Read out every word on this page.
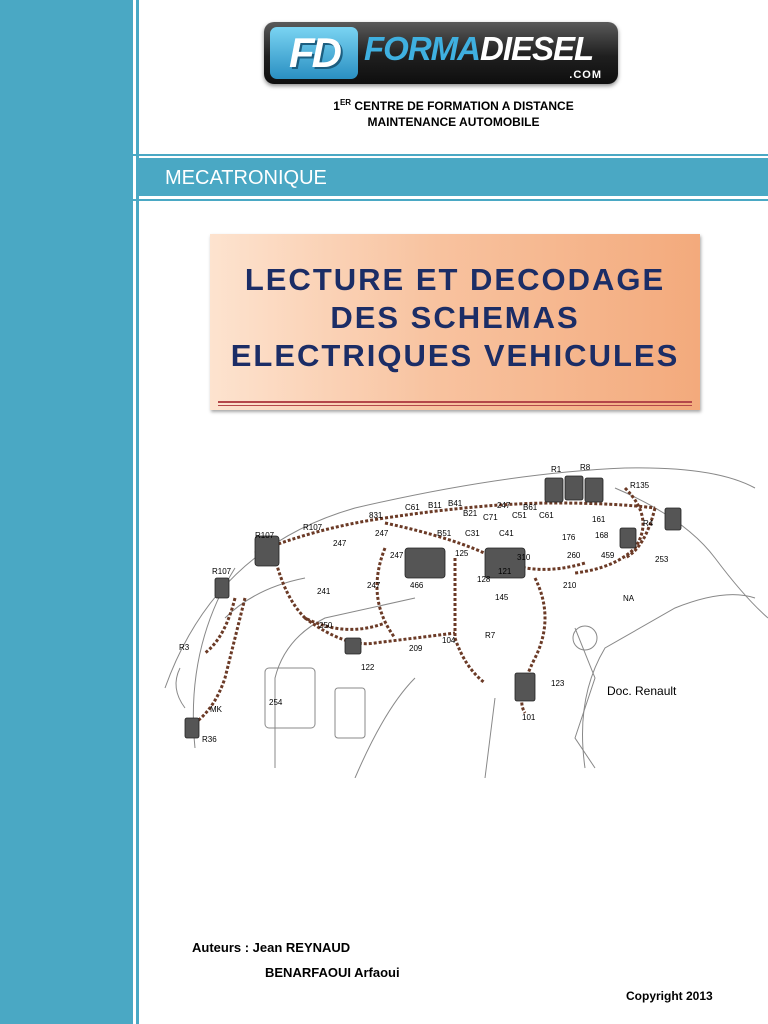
FD FORMADIESEL
.COM
1ER CENTRE DE FORMATION A DISTANCE
MAINTENANCE AUTOMOBILE
MECATRONIQUE
LECTURE ET DECODAGE
DES SCHEMAS
ELECTRIQUES VEHICULES
R1 R8
R135
C61 B11 B41	247 B61
C51 C61
831
R107
R107
C71
B21
B51 C31 C41
R4
161
168
176
260	459	253
247
247
247
247
125
128
121
310
466
145
210
NA
R107
241
250
104
R7
209
122
R3
254
MK
R36
123
101
Doc. Renault
Auteurs : Jean REYNAUD
BENARFAOUI Arfaoui
Copyright 2013
